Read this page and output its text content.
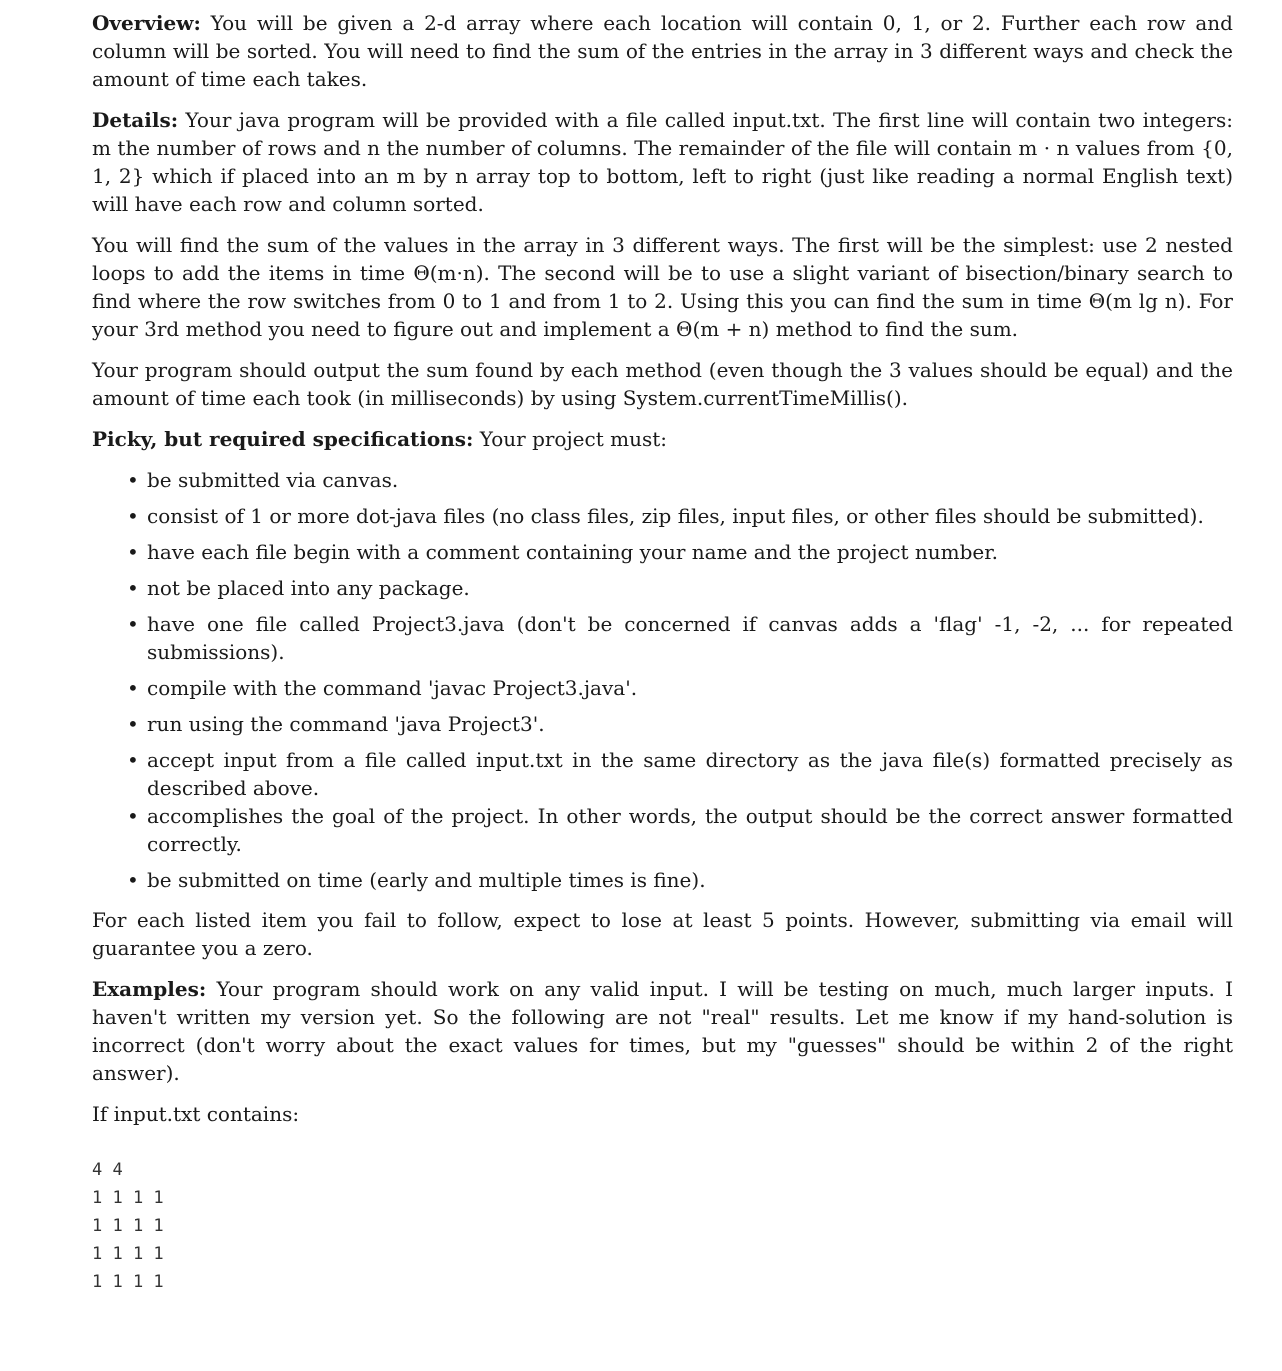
Overview: You will be given a 2-d array where each location will contain 0, 1, or 2. Further each row and column will be sorted. You will need to find the sum of the entries in the array in 3 different ways and check the amount of time each takes.

Details: Your java program will be provided with a file called input.txt. The first line will contain two integers: m the number of rows and n the number of columns. The remainder of the file will contain m · n values from {0, 1, 2} which if placed into an m by n array top to bottom, left to right (just like reading a normal English text) will have each row and column sorted.

You will find the sum of the values in the array in 3 different ways. The first will be the simplest: use 2 nested loops to add the items in time Θ(m·n). The second will be to use a slight variant of bisection/binary search to find where the row switches from 0 to 1 and from 1 to 2. Using this you can find the sum in time Θ(m lg n). For your 3rd method you need to figure out and implement a Θ(m + n) method to find the sum.

Your program should output the sum found by each method (even though the 3 values should be equal) and the amount of time each took (in milliseconds) by using System.currentTimeMillis().

Picky, but required specifications: Your project must:

• be submitted via canvas.
• consist of 1 or more dot-java files (no class files, zip files, input files, or other files should be submitted).
• have each file begin with a comment containing your name and the project number.
• not be placed into any package.
• have one file called Project3.java (don't be concerned if canvas adds a 'flag' -1, -2, ... for repeated submissions).
• compile with the command 'javac Project3.java'.
• run using the command 'java Project3'.
• accept input from a file called input.txt in the same directory as the java file(s) formatted precisely as described above.
• accomplishes the goal of the project. In other words, the output should be the correct answer formatted correctly.
• be submitted on time (early and multiple times is fine).

For each listed item you fail to follow, expect to lose at least 5 points. However, submitting via email will guarantee you a zero.

Examples: Your program should work on any valid input. I will be testing on much, much larger inputs. I haven't written my version yet. So the following are not "real" results. Let me know if my hand-solution is incorrect (don't worry about the exact values for times, but my "guesses" should be within 2 of the right answer).

If input.txt contains:

4 4
1 1 1 1
1 1 1 1
1 1 1 1
1 1 1 1
